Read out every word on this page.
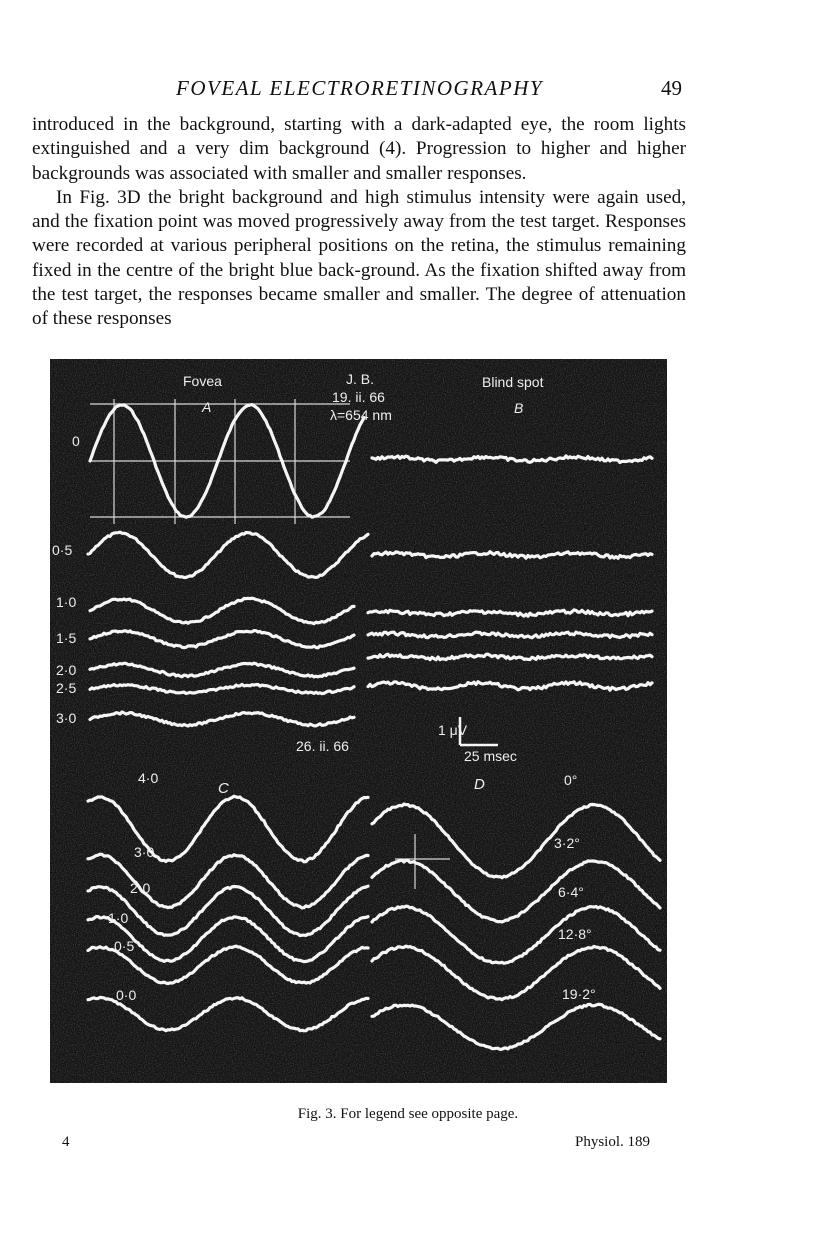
FOVEAL ELECTRORETINOGRAPHY	49

introduced in the background, starting with a dark-adapted eye, the room lights extinguished and a very dim background (4). Progression to higher and higher backgrounds was associated with smaller and smaller responses.

In Fig. 3D the bright background and high stimulus intensity were again used, and the fixation point was moved progressively away from the test target. Responses were recorded at various peripheral positions on the retina, the stimulus remaining fixed in the centre of the bright blue back-ground. As the fixation shifted away from the test target, the responses became smaller and smaller. The degree of attenuation of these responses

Fovea
A
J. B.
19. ii. 66
λ=654 nm
Blind spot
B
26. ii. 66
1 μV
25 msec
C	D
0
0·5
1·0
1·5
2·0
2·5
3·0
4·0
3·0
2·0
1·0
0·5
0·0
0°
3·2°
6·4°
12·8°
19·2°
Fig. 3. For legend see opposite page.
4	Physiol. 189
